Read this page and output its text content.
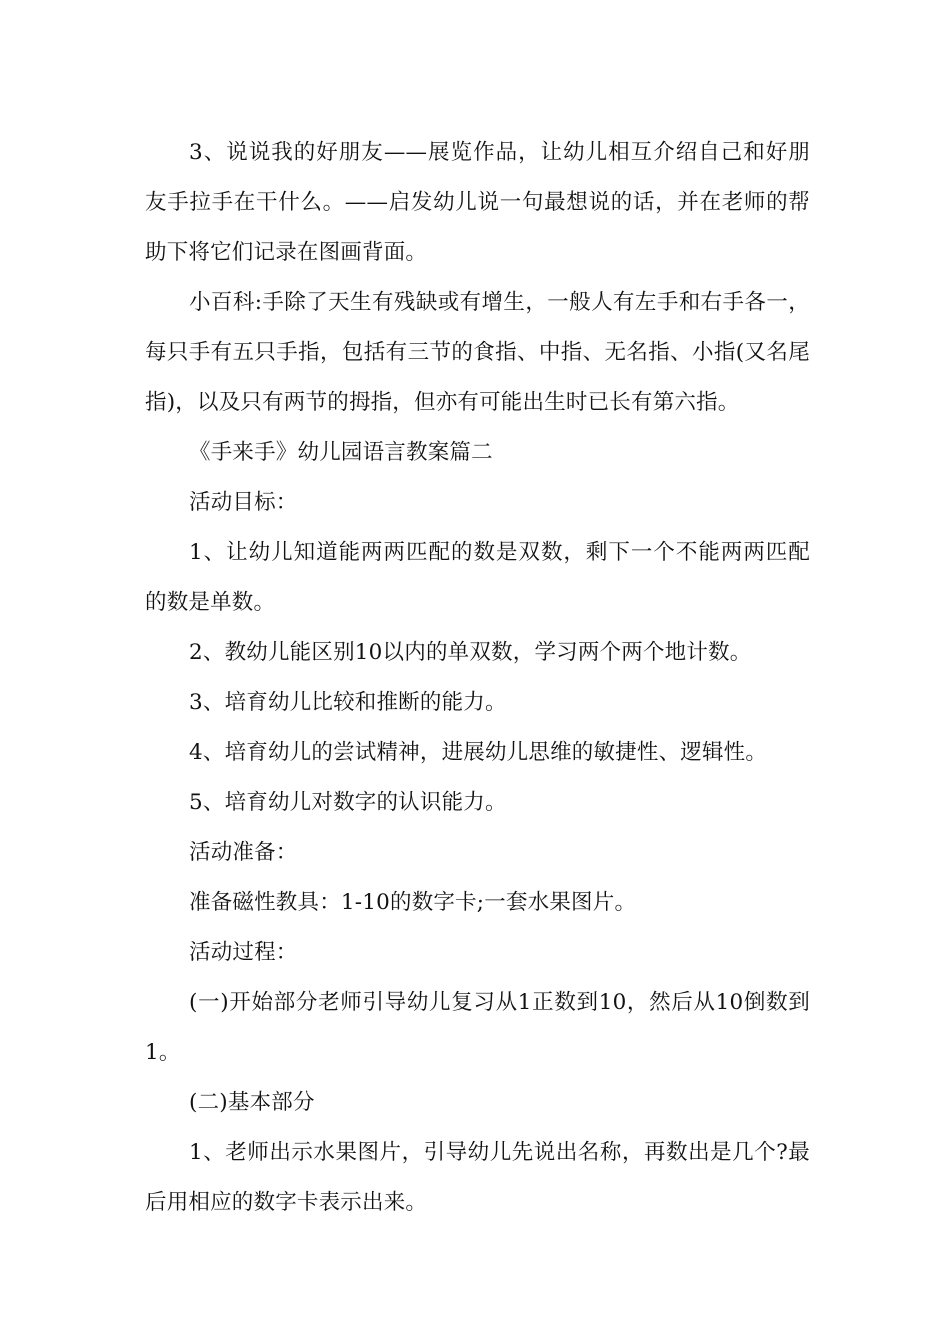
3、说说我的好朋友——展览作品，让幼儿相互介绍自己和好朋友手拉手在干什么。——启发幼儿说一句最想说的话，并在老师的帮助下将它们记录在图画背面。

小百科:手除了天生有残缺或有增生，一般人有左手和右手各一，每只手有五只手指，包括有三节的食指、中指、无名指、小指(又名尾指)，以及只有两节的拇指，但亦有可能出生时已长有第六指。

《手来手》幼儿园语言教案篇二

活动目标：

1、让幼儿知道能两两匹配的数是双数，剩下一个不能两两匹配的数是单数。

2、教幼儿能区别10以内的单双数，学习两个两个地计数。

3、培育幼儿比较和推断的能力。

4、培育幼儿的尝试精神，进展幼儿思维的敏捷性、逻辑性。

5、培育幼儿对数字的认识能力。

活动准备：

准备磁性教具：1-10的数字卡;一套水果图片。

活动过程：

(一)开始部分老师引导幼儿复习从1正数到10，然后从10倒数到1。

(二)基本部分

1、老师出示水果图片，引导幼儿先说出名称，再数出是几个?最后用相应的数字卡表示出来。
